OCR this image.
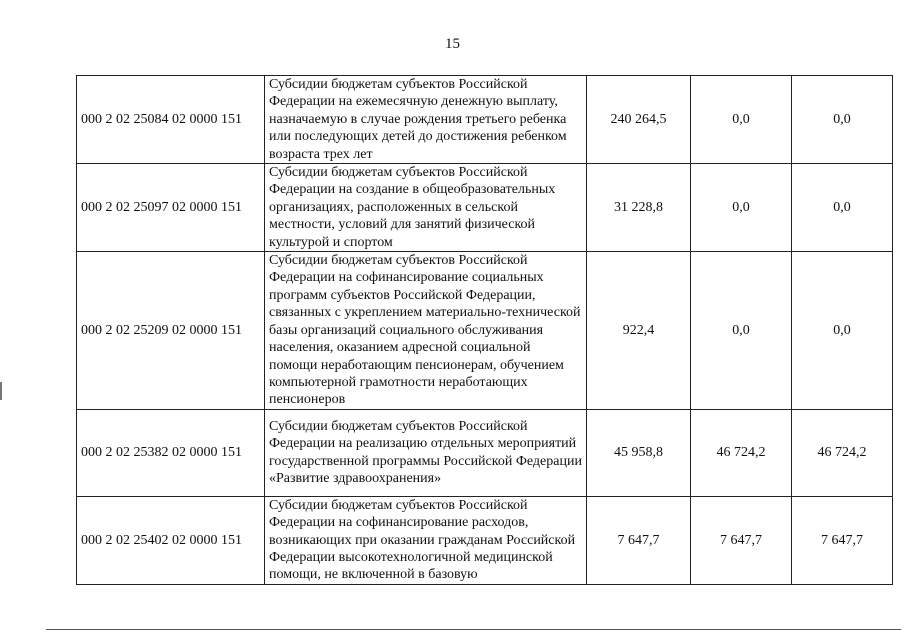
15
000 2 02 25084 02 0000 151	Субсидии бюджетам субъектов Российской Федерации на ежемесячную денежную выплату, назначаемую в случае рождения третьего ребенка или последующих детей до достижения ребенком возраста трех лет	240 264,5	0,0	0,0
000 2 02 25097 02 0000 151	Субсидии бюджетам субъектов Российской Федерации на создание в общеобразовательных организациях, расположенных в сельской местности, условий для занятий физической культурой и спортом	31 228,8	0,0	0,0
000 2 02 25209 02 0000 151	Субсидии бюджетам субъектов Российской Федерации на софинансирование социальных программ субъектов Российской Федерации, связанных с укреплением материально-технической базы организаций социального обслуживания населения, оказанием адресной социальной помощи неработающим пенсионерам, обучением компьютерной грамотности неработающих пенсионеров	922,4	0,0	0,0
000 2 02 25382 02 0000 151	Субсидии бюджетам субъектов Российской Федерации на реализацию отдельных мероприятий государственной программы Российской Федерации «Развитие здравоохранения»	45 958,8	46 724,2	46 724,2
000 2 02 25402 02 0000 151	Субсидии бюджетам субъектов Российской Федерации на софинансирование расходов, возникающих при оказании гражданам Российской Федерации высокотехнологичной медицинской помощи, не включенной в базовую	7 647,7	7 647,7	7 647,7
